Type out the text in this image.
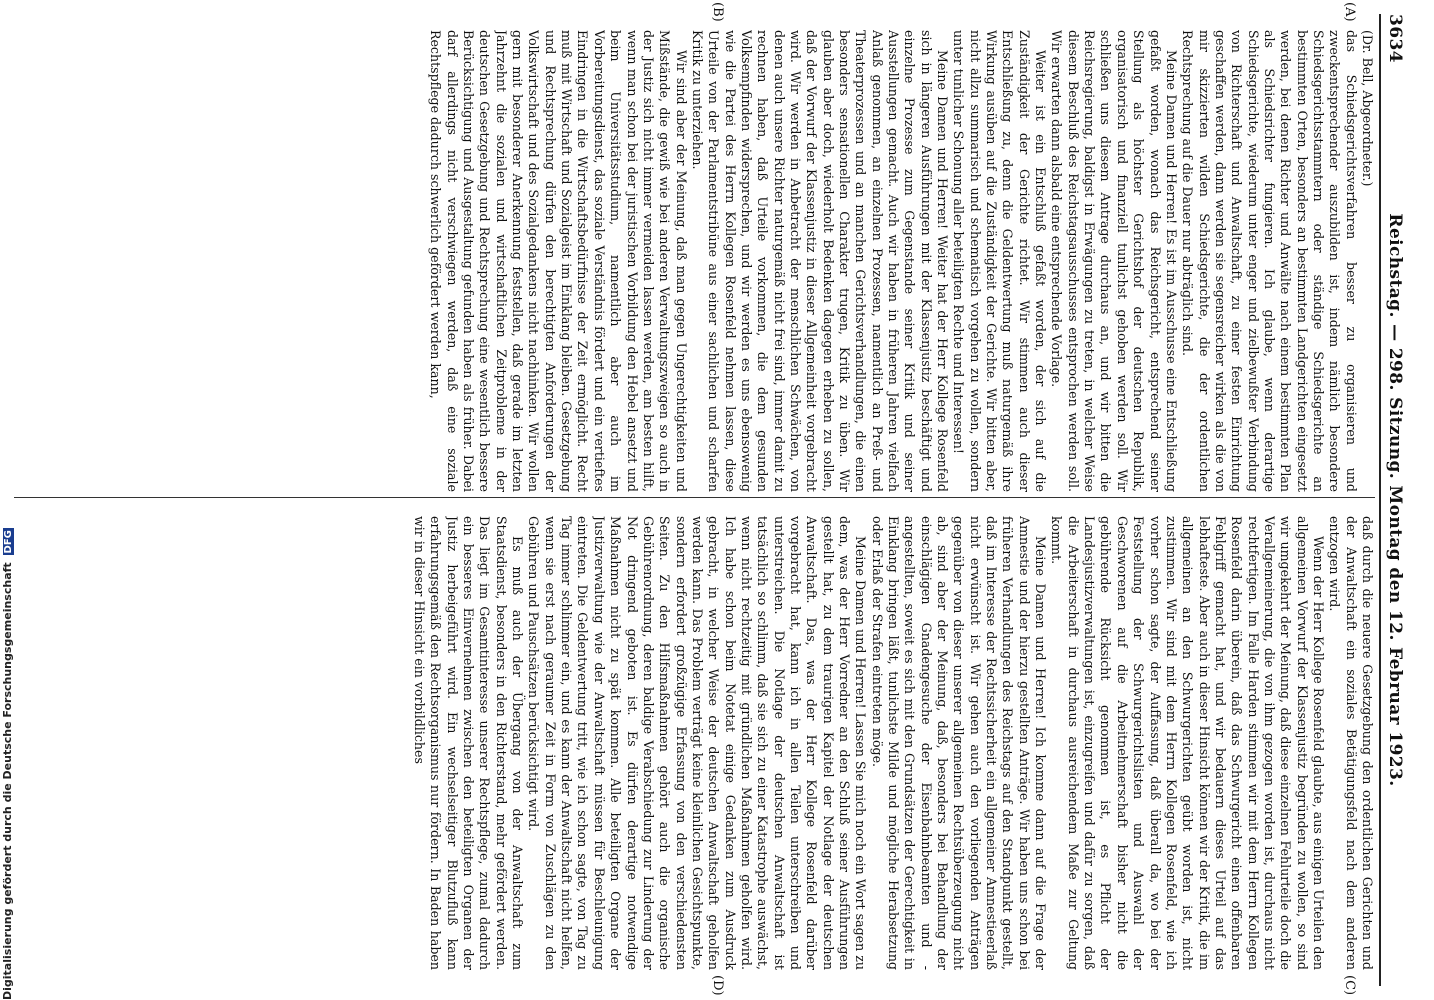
3634
Reichstag. — 298. Sitzung. Montag den 12. Februar 1923.
(A)
(B)
(C)
(D)

(Dr. Bell, Abgeordneter.)

das Schiedsgerichtsverfahren besser zu organisieren und zweckentsprechender auszubilden ist, indem nämlich besondere Schiedsgerichtsstammtern oder ständige Schiedsgerichte an bestimmten Orten, besonders an bestimmten Landgerichten eingesetzt werden, bei denen Richter und Anwälte nach einem bestimmten Plan als Schiedsrichter fungieren. Ich glaube, wenn derartige Schiedsgerichte, wiederum unter enger und zielbewußter Verbindung von Richterschaft und Anwaltschaft, zu einer festen Einrichtung geschaffen werden, dann werden sie segensreicher wirken als die von mir skizzierten wilden Schiedsgerichte, die der ordentlichen Rechtsprechung auf die Dauer nur abträglich sind.

Meine Damen und Herren! Es ist im Ausschusse eine Entschließung gefaßt worden, wonach das Reichsgericht, entsprechend seiner Stellung als höchster Gerichtshof der deutschen Republik, organisatorisch und finanziell tunlichst gehoben werden soll. Wir schließen uns diesem Antrage durchaus an, und wir bitten die Reichsregierung, baldigst in Erwägungen zu treten, in welcher Weise diesem Beschluß des Reichstagsausschusses entsprochen werden soll. Wir erwarten dann alsbald eine entsprechende Vorlage.

Weiter ist ein Entschluß gefaßt worden, der sich auf die Zuständigkeit der Gerichte richtet. Wir stimmen auch dieser Entschließung zu, denn die Geldentwertung muß naturgemäß ihre Wirkung ausüben auf die Zuständigkeit der Gerichte. Wir bitten aber, nicht allzu summarisch und schematisch vorgehen zu wollen, sondern unter tunlicher Schonung aller beteiligten Rechte und Interessen!

Meine Damen und Herren! Weiter hat der Herr Kollege Rosenfeld sich in längeren Ausführungen mit der Klassenjustiz beschäftigt und einzelne Prozesse zum Gegenstande seiner Kritik und seiner Ausstellungen gemacht. Auch wir haben in früheren Jahren vielfach Anlaß genommen, an einzelnen Prozessen, namentlich an Preß- und Theaterprozessen und an manchen Gerichtsverhandlungen, die einen besonders sensationellen Charakter trugen, Kritik zu üben. Wir glauben aber doch, wiederholt Bedenken dagegen erheben zu sollen, daß der Vorwurf der Klassenjustiz in dieser Allgemeinheit vorgebracht wird. Wir werden in Anbetracht der menschlichen Schwächen, von denen auch unsere Richter naturgemäß nicht frei sind, immer damit zu rechnen haben, daß Urteile vorkommen, die dem gesunden Volksempfinden widersprechen, und wir werden es uns ebensowenig wie die Partei des Herrn Kollegen Rosenfeld nehmen lassen, diese Urteile von der Parlamentstribüne aus einer sachlichen und scharfen Kritik zu unterziehen.

Wir sind aber der Meinung, daß man gegen Ungerechtigkeiten und Mißstände, die gewiß wie bei anderen Verwaltungszweigen so auch in der Justiz sich nicht immer vermeiden lassen werden, am besten hilft, wenn man schon bei der juristischen Vorbildung den Hebel ansetzt und beim Universitätsstudium, namentlich aber auch im Vorbereitungsdienst, das soziale Verständnis fördert und ein vertieftes Eindringen in die Wirtschaftsbedürfnisse der Zeit ermöglicht. Recht muß mit Wirtschaft und Sozialgeist im Einklang bleiben. Gesetzgebung und Rechtsprechung dürfen den berechtigten Anforderungen der Volkswirtschaft und des Sozialgedankens nicht nachhinken. Wir wollen gern mit besonderer Anerkennung feststellen, daß gerade im letzten Jahrzehnt die sozialen und wirtschaftlichen Zeitprobleme in der deutschen Gesetzgebung und Rechtsprechung eine wesentlich bessere Berücksichtigung und Ausgestaltung gefunden haben als früher. Dabei darf allerdings nicht verschwiegen werden, daß eine soziale Rechtspflege dadurch schwerlich gefördert werden kann,

daß durch die neuere Gesetzgebung den ordentlichen Gerichten und der Anwaltschaft ein soziales Betätigungsfeld nach dem anderen entzogen wird.

Wenn der Herr Kollege Rosenfeld glaubte, aus einigen Urteilen den allgemeinen Vorwurf der Klassenjustiz begründen zu wollen, so sind wir umgekehrt der Meinung, daß diese einzelnen Fehlurteile doch die Verallgemeinerung, die von ihm gezogen worden ist, durchaus nicht rechtfertigen. Im Falle Harden stimmen wir mit dem Herrn Kollegen Rosenfeld darin überein, daß das Schwurgericht einen offenbaren Fehlgriff gemacht hat, und wir bedauern dieses Urteil auf das lebhafteste. Aber auch in dieser Hinsicht können wir der Kritik, die im allgemeinen an den Schwurgerichten geübt worden ist, nicht zustimmen. Wir sind mit dem Herrn Kollegen Rosenfeld, wie ich vorher schon sagte, der Auffassung, daß überall da, wo bei der Feststellung der Schwurgerichtslisten und Auswahl der Geschworenen auf die Arbeitnehmerschaft bisher nicht die gebührende Rücksicht genommen ist, es Pflicht der Landesjustizverwaltungen ist, einzugreifen und dafür zu sorgen, daß die Arbeiterschaft in durchaus ausreichendem Maße zur Geltung kommt.

Meine Damen und Herren! Ich komme dann auf die Frage der Amnestie und der hierzu gestellten Anträge. Wir haben uns schon bei früheren Verhandlungen des Reichstags auf den Standpunkt gestellt, daß im Interesse der Rechtssicherheit ein allgemeiner Amnestieerlaß nicht erwünscht ist. Wir gehen auch den vorliegenden Anträgen gegenüber von dieser unserer allgemeinen Rechtsüberzeugung nicht ab, sind aber der Meinung, daß, besonders bei Behandlung der einschlägigen Gnadengesuche der Eisenbahnbeamten und -angestellten, soweit es sich mit den Grundsätzen der Gerechtigkeit in Einklang bringen läßt, tunlichste Milde und mögliche Herabsetzung oder Erlaß der Strafen eintreten möge.

Meine Damen und Herren! Lassen Sie mich noch ein Wort sagen zu dem, was der Herr Vorredner an den Schluß seiner Ausführungen gestellt hat, zu dem traurigen Kapitel der Notlage der deutschen Anwaltschaft. Das, was der Herr Kollege Rosenfeld darüber vorgebracht hat, kann ich in allen Teilen unterschreiben und unterstreichen. Die Notlage der deutschen Anwaltschaft ist tatsächlich so schlimm, daß sie sich zu einer Katastrophe auswächst, wenn nicht rechtzeitig mit gründlichen Maßnahmen geholfen wird. Ich habe schon beim Notetat einige Gedanken zum Ausdruck gebracht, in welcher Weise der deutschen Anwaltschaft geholfen werden kann. Das Problem verträgt keine kleinlichen Gesichtspunkte, sondern erfordert großzügige Erfassung von den verschiedensten Seiten. Zu den Hilfsmaßnahmen gehört auch die organische Gebührenordnung, deren baldige Verabschiedung zur Linderung der Not dringend geboten ist. Es dürfen derartige notwendige Maßnahmen nicht zu spät kommen. Alle beteiligten Organe der Justizverwaltung wie der Anwaltschaft müssen für Beschleunigung eintreten. Die Geldentwertung tritt, wie ich schon sagte, von Tag zu Tag immer schlimmer ein, und es kann der Anwaltschaft nicht helfen, wenn sie erst nach geraumer Zeit in Form von Zuschlägen zu den Gebühren und Pauschsätzen berücksichtigt wird.

Es muß auch der Übergang von der Anwaltschaft zum Staatsdienst, besonders in den Richterstand, mehr gefördert werden. Das liegt im Gesamtinteresse unserer Rechtspflege, zumal dadurch ein besseres Einvernehmen zwischen den beteiligten Organen der Justiz herbeigeführt wird. Ein wechselseitiger Blutzufluß kann erfahrungsgemäß den Rechtsorganismus nur fördern. In Baden haben wir in dieser Hinsicht ein vorbildliches

Digitalisierung gefördert durch die Deutsche Forschungsgemeinschaft DFG
